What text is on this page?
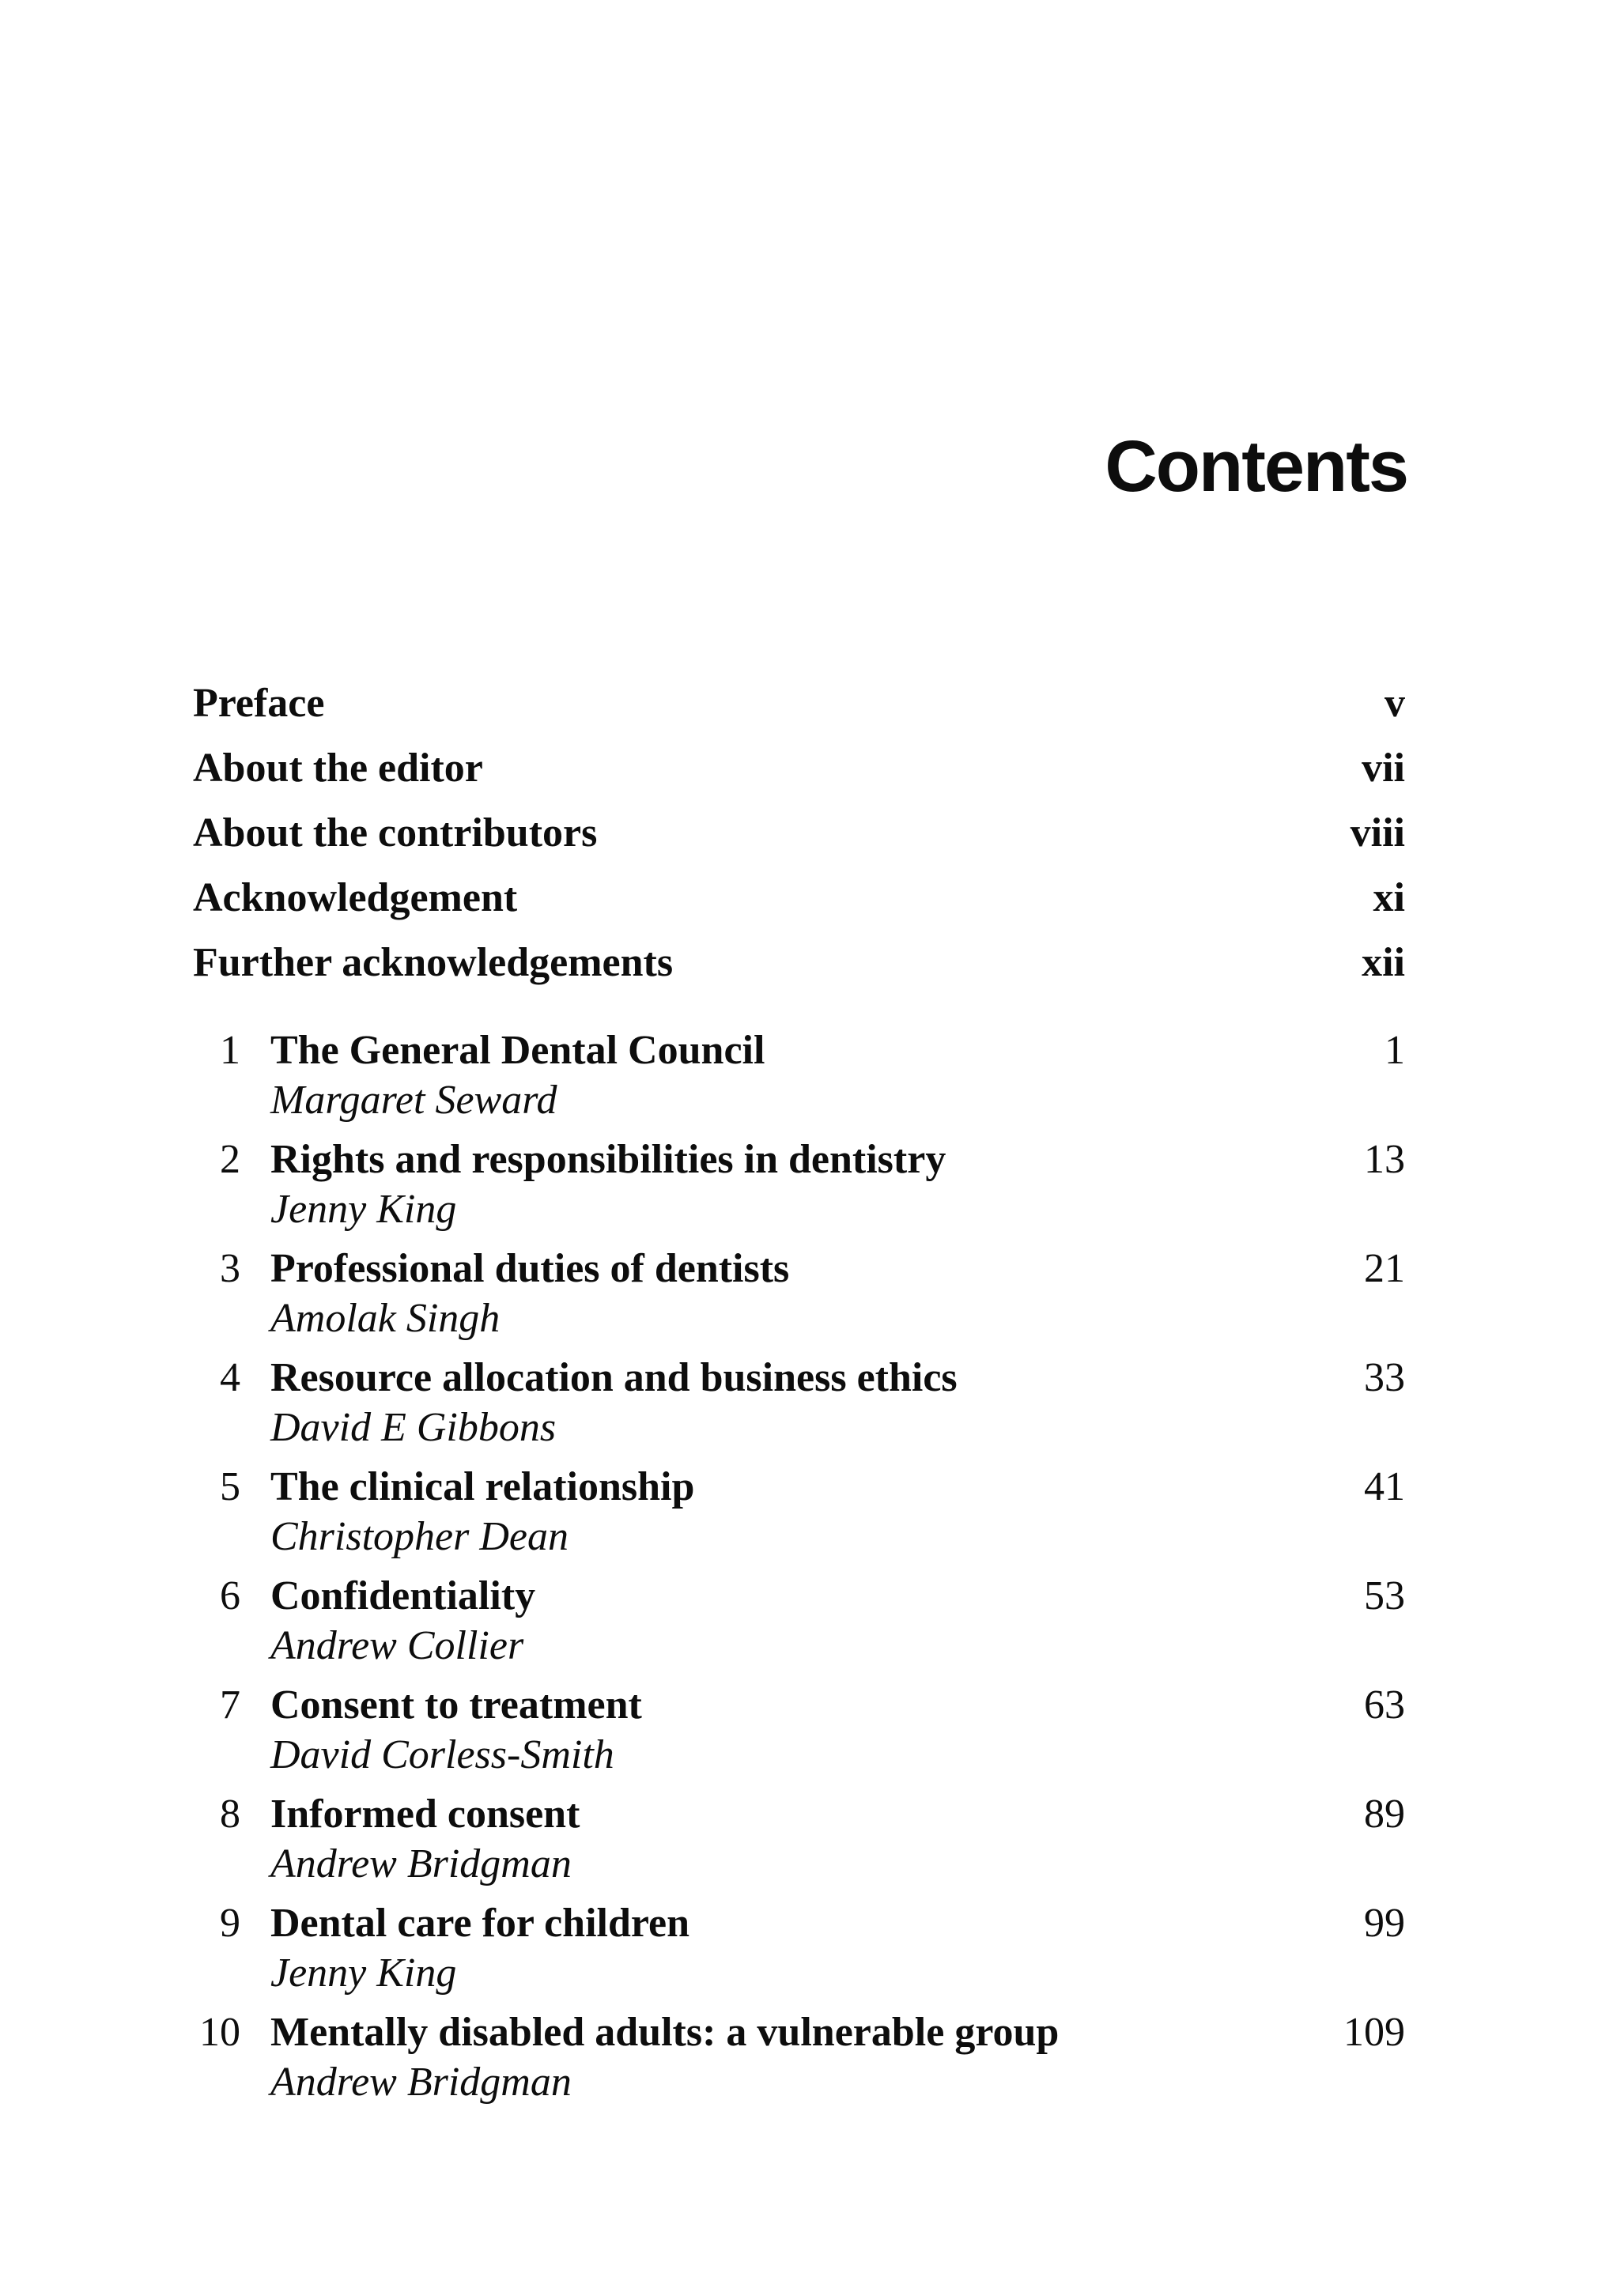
Contents
Preface	v
About the editor	vii
About the contributors	viii
Acknowledgement	xi
Further acknowledgements	xii
1 The General Dental Council	1
Margaret Seward
2 Rights and responsibilities in dentistry	13
Jenny King
3 Professional duties of dentists	21
Amolak Singh
4 Resource allocation and business ethics	33
David E Gibbons
5 The clinical relationship	41
Christopher Dean
6 Confidentiality	53
Andrew Collier
7 Consent to treatment	63
David Corless-Smith
8 Informed consent	89
Andrew Bridgman
9 Dental care for children	99
Jenny King
10 Mentally disabled adults: a vulnerable group	109
Andrew Bridgman
